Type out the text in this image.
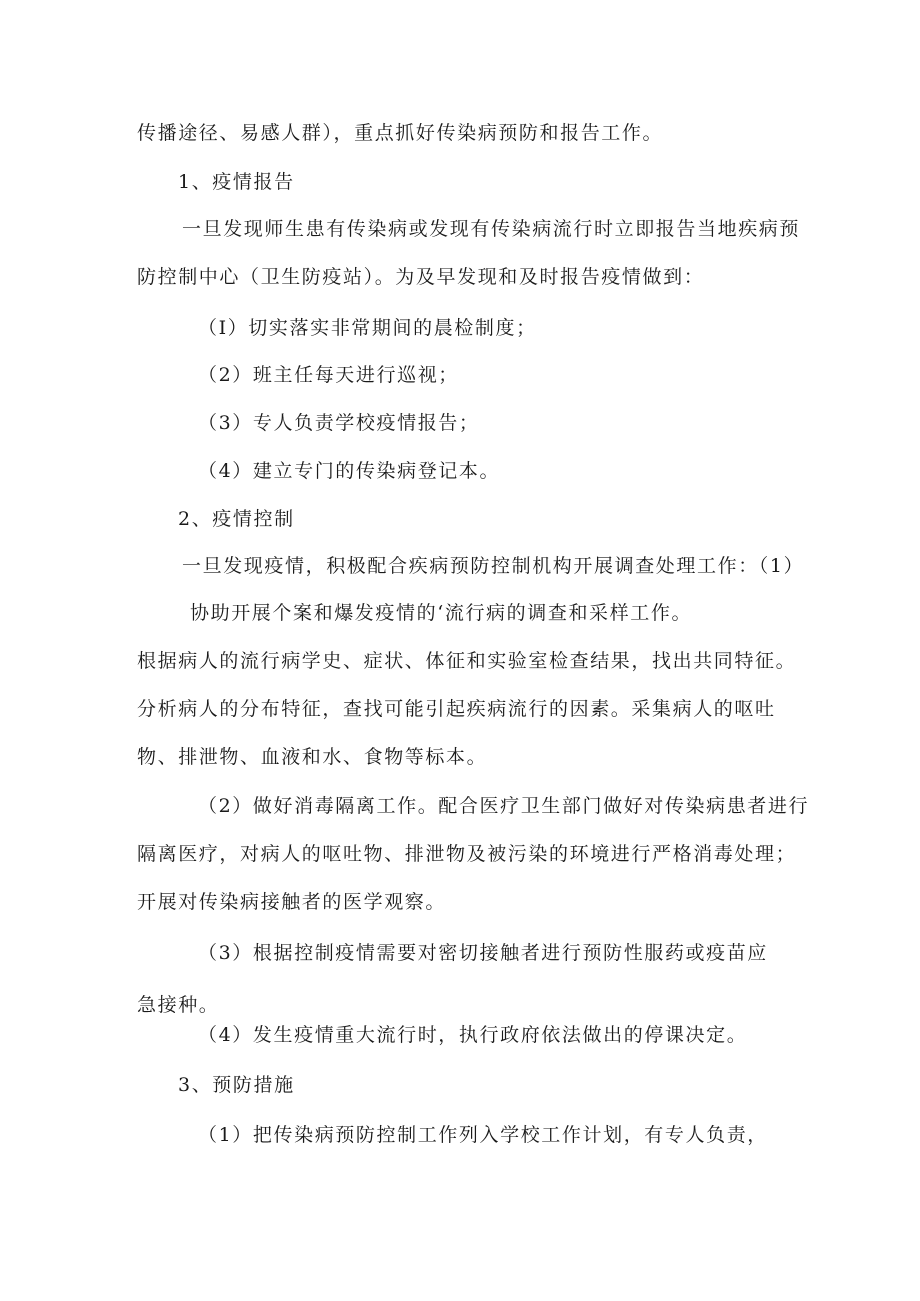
传播途径、易感人群），重点抓好传染病预防和报告工作。

1、疫情报告

一旦发现师生患有传染病或发现有传染病流行时立即报告当地疾病预

防控制中心（卫生防疫站）。为及早发现和及时报告疫情做到：

（I）切实落实非常期间的晨检制度；

（2）班主任每天进行巡视；

（3）专人负责学校疫情报告；

（4）建立专门的传染病登记本。

2、疫情控制

一旦发现疫情，积极配合疾病预防控制机构开展调查处理工作：（1）

协助开展个案和爆发疫情的‘流行病的调查和采样工作。

根据病人的流行病学史、症状、体征和实验室检查结果，找出共同特征。

分析病人的分布特征，查找可能引起疾病流行的因素。采集病人的呕吐

物、排泄物、血液和水、食物等标本。

（2）做好消毒隔离工作。配合医疗卫生部门做好对传染病患者进行

隔离医疗，对病人的呕吐物、排泄物及被污染的环境进行严格消毒处理；

开展对传染病接触者的医学观察。

（3）根据控制疫情需要对密切接触者进行预防性服药或疫苗应

急接种。

（4）发生疫情重大流行时，执行政府依法做出的停课决定。

3、预防措施

（1）把传染病预防控制工作列入学校工作计划，有专人负责，
